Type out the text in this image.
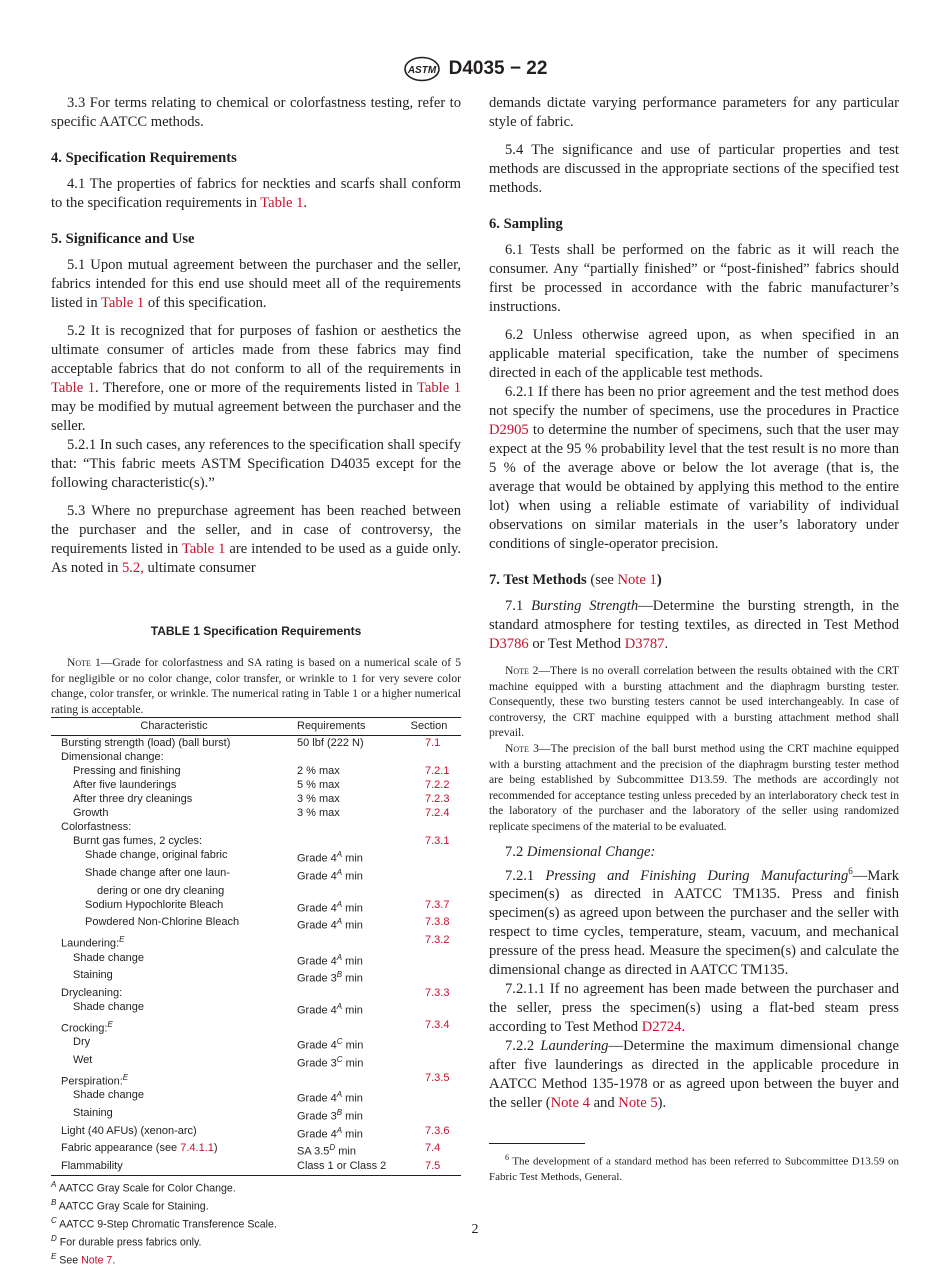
ASTM D4035 − 22

3.3 For terms relating to chemical or colorfastness testing, refer to specific AATCC methods.

4. Specification Requirements

4.1 The properties of fabrics for neckties and scarfs shall conform to the specification requirements in Table 1.

5. Significance and Use

5.1 Upon mutual agreement between the purchaser and the seller, fabrics intended for this end use should meet all of the requirements listed in Table 1 of this specification.

5.2 It is recognized that for purposes of fashion or aesthetics the ultimate consumer of articles made from these fabrics may find acceptable fabrics that do not conform to all of the requirements in Table 1. Therefore, one or more of the requirements listed in Table 1 may be modified by mutual agreement between the purchaser and the seller.

5.2.1 In such cases, any references to the specification shall specify that: “This fabric meets ASTM Specification D4035 except for the following characteristic(s).”

5.3 Where no prepurchase agreement has been reached between the purchaser and the seller, and in case of controversy, the requirements listed in Table 1 are intended to be used as a guide only. As noted in 5.2, ultimate consumer

TABLE 1 Specification Requirements

Note 1—Grade for colorfastness and SA rating is based on a numerical scale of 5 for negligible or no color change, color transfer, or wrinkle to 1 for very severe color change, color transfer, or wrinkle. The numerical rating in Table 1 or a higher numerical rating is acceptable.

Characteristic	Requirements	Section
Bursting strength (load) (ball burst)	50 lbf (222 N)	7.1
Dimensional change:		
Pressing and finishing	2 % max	7.2.1
After five launderings	5 % max	7.2.2
After three dry cleanings	3 % max	7.2.3
Growth	3 % max	7.2.4
Colorfastness:		
Burnt gas fumes, 2 cycles:		7.3.1
Shade change, original fabric	Grade $4^A$ min	
Shade change after one laun-	Grade $4^A$ min	
dering or one dry cleaning		
Sodium Hypochlorite Bleach	Grade $4^A$ min	7.3.7
Powdered Non-Chlorine Bleach	Grade $4^A$ min	7.3.8
Laundering:$^E$		7.3.2
Shade change	Grade $4^A$ min	
Staining	Grade $3^B$ min	
Drycleaning:		7.3.3
Shade change	Grade $4^A$ min	
Crocking:$^E$		7.3.4
Dry	Grade $4^C$ min	
Wet	Grade $3^C$ min	
Perspiration:$^E$		7.3.5
Shade change	Grade $4^A$ min	
Staining	Grade $3^B$ min	
Light (40 AFUs) (xenon-arc)	Grade $4^A$ min	7.3.6
Fabric appearance (see 7.4.1.1)	SA $3.5^D$ min	7.4
Flammability	Class 1 or Class 2	7.5
$^A$ AATCC Gray Scale for Color Change.
$^B$ AATCC Gray Scale for Staining.
$^C$ AATCC 9-Step Chromatic Transference Scale.
$^D$ For durable press fabrics only.
$^E$ See Note 7.

demands dictate varying performance parameters for any particular style of fabric.

5.4 The significance and use of particular properties and test methods are discussed in the appropriate sections of the specified test methods.

6. Sampling

6.1 Tests shall be performed on the fabric as it will reach the consumer. Any “partially finished” or “post-finished” fabrics should first be processed in accordance with the fabric manufacturer’s instructions.

6.2 Unless otherwise agreed upon, as when specified in an applicable material specification, take the number of specimens directed in each of the applicable test methods.

6.2.1 If there has been no prior agreement and the test method does not specify the number of specimens, use the procedures in Practice D2905 to determine the number of specimens, such that the user may expect at the 95 % probability level that the test result is no more than 5 % of the average above or below the lot average (that is, the average that would be obtained by applying this method to the entire lot) when using a reliable estimate of variability of individual observations on similar materials in the user’s laboratory under conditions of single-operator precision.

7. Test Methods (see Note 1)

7.1 Bursting Strength—Determine the bursting strength, in the standard atmosphere for testing textiles, as directed in Test Method D3786 or Test Method D3787.

Note 2—There is no overall correlation between the results obtained with the CRT machine equipped with a bursting attachment and the diaphragm bursting tester. Consequently, these two bursting testers cannot be used interchangeably. In case of controversy, the CRT machine equipped with a bursting attachment method shall prevail.

Note 3—The precision of the ball burst method using the CRT machine equipped with a bursting attachment and the precision of the diaphragm bursting tester method are being established by Subcommittee D13.59. The methods are accordingly not recommended for acceptance testing unless preceded by an interlaboratory check test in the laboratory of the purchaser and the laboratory of the seller using randomized replicate specimens of the material to be evaluated.

7.2 Dimensional Change:

7.2.1 Pressing and Finishing During Manufacturing$^6$—Mark specimen(s) as directed in AATCC TM135. Press and finish specimen(s) as agreed upon between the purchaser and the seller with respect to time cycles, temperature, steam, vacuum, and mechanical pressure of the press head. Measure the specimen(s) and calculate the dimensional change as directed in AATCC TM135.

7.2.1.1 If no agreement has been made between the purchaser and the seller, press the specimen(s) using a flat-bed steam press according to Test Method D2724.

7.2.2 Laundering—Determine the maximum dimensional change after five launderings as directed in the applicable procedure in AATCC Method 135-1978 or as agreed upon between the buyer and the seller (Note 4 and Note 5).

$^6$ The development of a standard method has been referred to Subcommittee D13.59 on Fabric Test Methods, General.

2
